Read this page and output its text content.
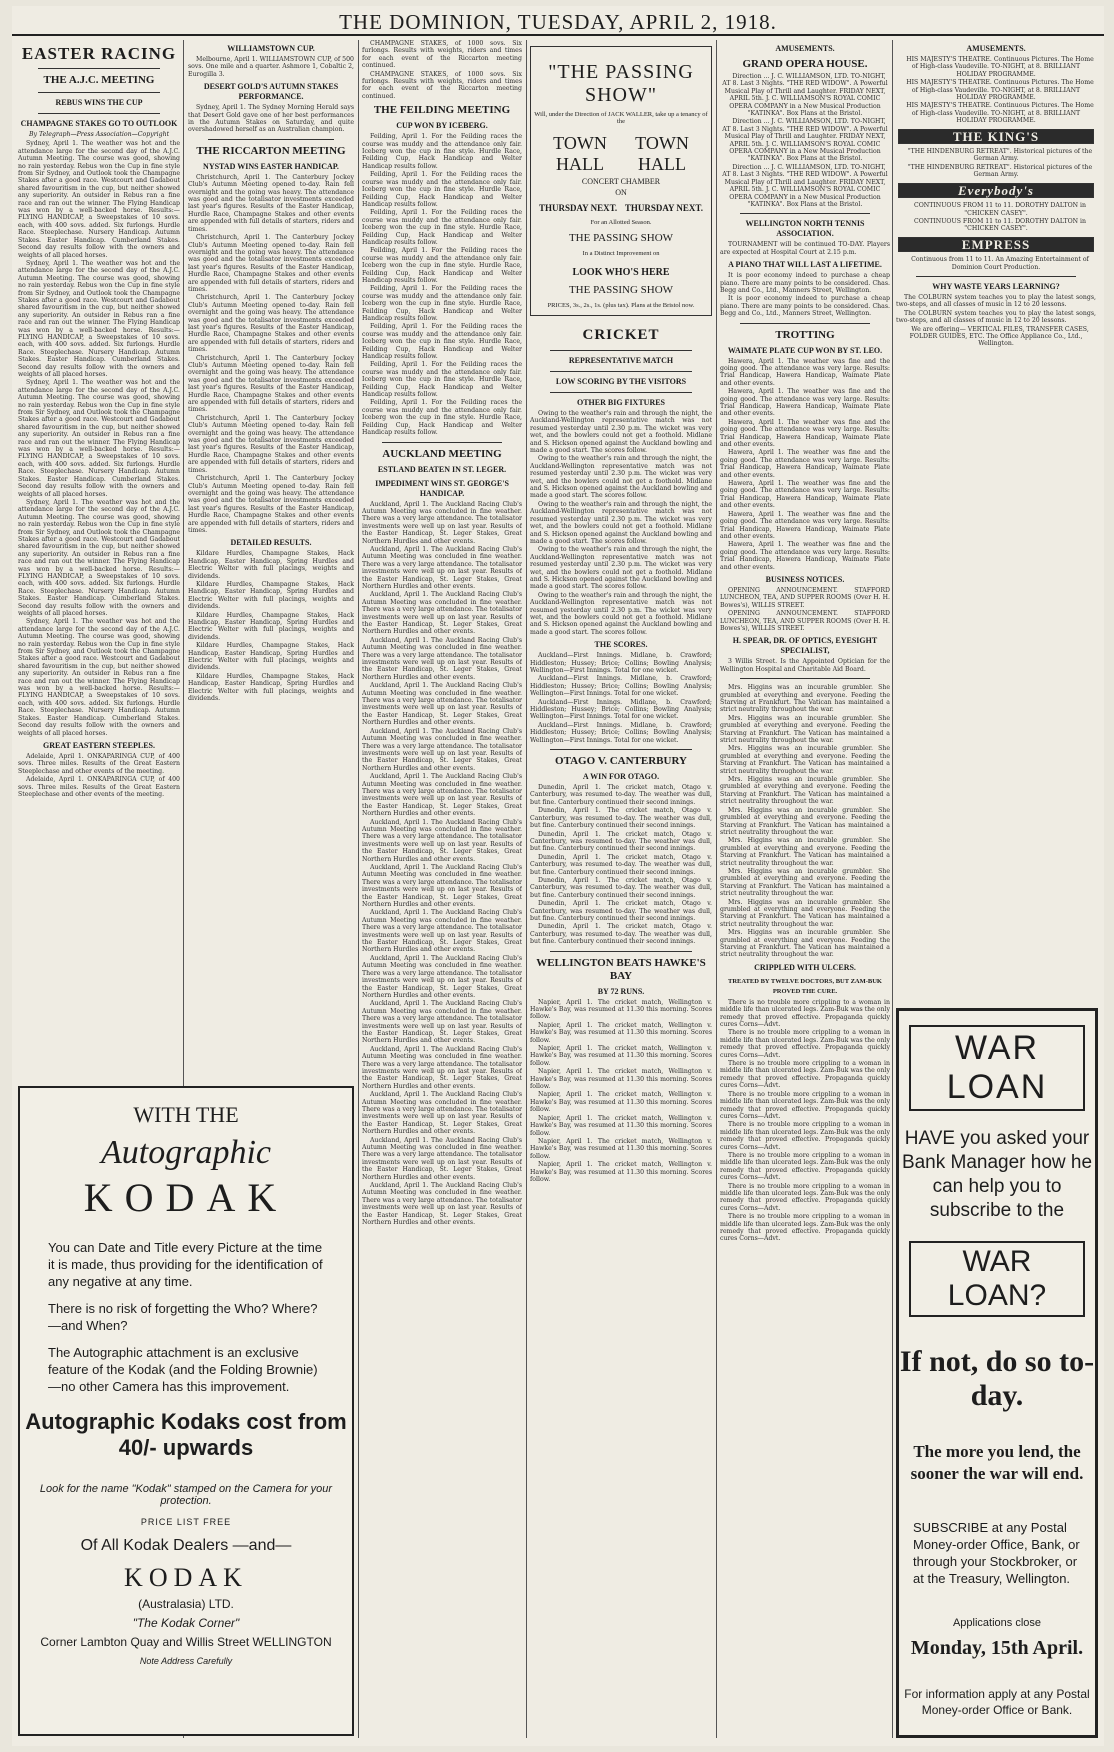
THE DOMINION, TUESDAY, APRIL 2, 1918.
EASTER RACING
THE A.J.C. MEETING
REBUS WINS THE CUP
CHAMPAGNE STAKES GO TO OUTLOOK
By Telegraph—Press Association—Copyright

Sydney, April 1. The weather was hot and the attendance large for the second day of the A.J.C. Autumn Meeting. The course was good, showing no rain yesterday. Rebus won the Cup in fine style from Sir Sydney, and Outlook took the Champagne Stakes after a good race. Westcourt and Gadabout shared favouritism in the cup, but neither showed any superiority. An outsider in Rebus ran a fine race and ran out the winner. The Flying Handicap was won by a well-backed horse. Results:— FLYING HANDICAP, a Sweepstakes of 10 sovs. each, with 400 sovs. added. Six furlongs. Hurdle Race. Steeplechase. Nursery Handicap. Autumn Stakes. Easter Handicap. Cumberland Stakes. Second day results follow with the owners and weights of all placed horses.

Sydney, April 1. The weather was hot and the attendance large for the second day of the A.J.C. Autumn Meeting. The course was good, showing no rain yesterday. Rebus won the Cup in fine style from Sir Sydney, and Outlook took the Champagne Stakes after a good race. Westcourt and Gadabout shared favouritism in the cup, but neither showed any superiority. An outsider in Rebus ran a fine race and ran out the winner. The Flying Handicap was won by a well-backed horse. Results:— FLYING HANDICAP, a Sweepstakes of 10 sovs. each, with 400 sovs. added. Six furlongs. Hurdle Race. Steeplechase. Nursery Handicap. Autumn Stakes. Easter Handicap. Cumberland Stakes. Second day results follow with the owners and weights of all placed horses.

Sydney, April 1. The weather was hot and the attendance large for the second day of the A.J.C. Autumn Meeting. The course was good, showing no rain yesterday. Rebus won the Cup in fine style from Sir Sydney, and Outlook took the Champagne Stakes after a good race. Westcourt and Gadabout shared favouritism in the cup, but neither showed any superiority. An outsider in Rebus ran a fine race and ran out the winner. The Flying Handicap was won by a well-backed horse. Results:— FLYING HANDICAP, a Sweepstakes of 10 sovs. each, with 400 sovs. added. Six furlongs. Hurdle Race. Steeplechase. Nursery Handicap. Autumn Stakes. Easter Handicap. Cumberland Stakes. Second day results follow with the owners and weights of all placed horses.

Sydney, April 1. The weather was hot and the attendance large for the second day of the A.J.C. Autumn Meeting. The course was good, showing no rain yesterday. Rebus won the Cup in fine style from Sir Sydney, and Outlook took the Champagne Stakes after a good race. Westcourt and Gadabout shared favouritism in the cup, but neither showed any superiority. An outsider in Rebus ran a fine race and ran out the winner. The Flying Handicap was won by a well-backed horse. Results:— FLYING HANDICAP, a Sweepstakes of 10 sovs. each, with 400 sovs. added. Six furlongs. Hurdle Race. Steeplechase. Nursery Handicap. Autumn Stakes. Easter Handicap. Cumberland Stakes. Second day results follow with the owners and weights of all placed horses.

Sydney, April 1. The weather was hot and the attendance large for the second day of the A.J.C. Autumn Meeting. The course was good, showing no rain yesterday. Rebus won the Cup in fine style from Sir Sydney, and Outlook took the Champagne Stakes after a good race. Westcourt and Gadabout shared favouritism in the cup, but neither showed any superiority. An outsider in Rebus ran a fine race and ran out the winner. The Flying Handicap was won by a well-backed horse. Results:— FLYING HANDICAP, a Sweepstakes of 10 sovs. each, with 400 sovs. added. Six furlongs. Hurdle Race. Steeplechase. Nursery Handicap. Autumn Stakes. Easter Handicap. Cumberland Stakes. Second day results follow with the owners and weights of all placed horses.

GREAT EASTERN STEEPLES.

Adelaide, April 1. ONKAPARINGA CUP, of 400 sovs. Three miles. Results of the Great Eastern Steeplechase and other events of the meeting.

Adelaide, April 1. ONKAPARINGA CUP, of 400 sovs. Three miles. Results of the Great Eastern Steeplechase and other events of the meeting.

WILLIAMSTOWN CUP.

Melbourne, April 1. WILLIAMSTOWN CUP, of 500 sovs. One mile and a quarter. Ashmore 1, Cobaltic 2, Eurogilla 3.

DESERT GOLD'S AUTUMN STAKES PERFORMANCE.

Sydney, April 1. The Sydney Morning Herald says that Desert Gold gave one of her best performances in the Autumn Stakes on Saturday, and quite overshadowed herself as an Australian champion.

THE RICCARTON MEETING
NYSTAD WINS EASTER HANDICAP.

Christchurch, April 1. The Canterbury Jockey Club's Autumn Meeting opened to-day. Rain fell overnight and the going was heavy. The attendance was good and the totalisator investments exceeded last year's figures. Results of the Easter Handicap, Hurdle Race, Champagne Stakes and other events are appended with full details of starters, riders and times.

Christchurch, April 1. The Canterbury Jockey Club's Autumn Meeting opened to-day. Rain fell overnight and the going was heavy. The attendance was good and the totalisator investments exceeded last year's figures. Results of the Easter Handicap, Hurdle Race, Champagne Stakes and other events are appended with full details of starters, riders and times.

Christchurch, April 1. The Canterbury Jockey Club's Autumn Meeting opened to-day. Rain fell overnight and the going was heavy. The attendance was good and the totalisator investments exceeded last year's figures. Results of the Easter Handicap, Hurdle Race, Champagne Stakes and other events are appended with full details of starters, riders and times.

Christchurch, April 1. The Canterbury Jockey Club's Autumn Meeting opened to-day. Rain fell overnight and the going was heavy. The attendance was good and the totalisator investments exceeded last year's figures. Results of the Easter Handicap, Hurdle Race, Champagne Stakes and other events are appended with full details of starters, riders and times.

Christchurch, April 1. The Canterbury Jockey Club's Autumn Meeting opened to-day. Rain fell overnight and the going was heavy. The attendance was good and the totalisator investments exceeded last year's figures. Results of the Easter Handicap, Hurdle Race, Champagne Stakes and other events are appended with full details of starters, riders and times.

Christchurch, April 1. The Canterbury Jockey Club's Autumn Meeting opened to-day. Rain fell overnight and the going was heavy. The attendance was good and the totalisator investments exceeded last year's figures. Results of the Easter Handicap, Hurdle Race, Champagne Stakes and other events are appended with full details of starters, riders and times.

DETAILED RESULTS.

Kildare Hurdles, Champagne Stakes, Hack Handicap, Easter Handicap, Spring Hurdles and Electric Welter with full placings, weights and dividends.

Kildare Hurdles, Champagne Stakes, Hack Handicap, Easter Handicap, Spring Hurdles and Electric Welter with full placings, weights and dividends.

Kildare Hurdles, Champagne Stakes, Hack Handicap, Easter Handicap, Spring Hurdles and Electric Welter with full placings, weights and dividends.

Kildare Hurdles, Champagne Stakes, Hack Handicap, Easter Handicap, Spring Hurdles and Electric Welter with full placings, weights and dividends.

Kildare Hurdles, Champagne Stakes, Hack Handicap, Easter Handicap, Spring Hurdles and Electric Welter with full placings, weights and dividends.

WITH THE
Autographic
KODAK
You can Date and Title every Picture at the time it is made, thus providing for the identification of any negative at any time.
There is no risk of forgetting the Who? Where?—and When?
The Autographic attachment is an exclusive feature of the Kodak (and the Folding Brownie)—no other Camera has this improvement.
Autographic Kodaks cost from 40/- upwards
Look for the name "Kodak" stamped on the Camera for your protection.
PRICE LIST FREE
Of All Kodak Dealers —and—
KODAK
(Australasia) LTD.
"The Kodak Corner"
Corner Lambton Quay and Willis Street WELLINGTON
Note Address Carefully

CHAMPAGNE STAKES, of 1000 sovs. Six furlongs. Results with weights, riders and times for each event of the Riccarton meeting continued.

CHAMPAGNE STAKES, of 1000 sovs. Six furlongs. Results with weights, riders and times for each event of the Riccarton meeting continued.

THE FEILDING MEETING
CUP WON BY ICEBERG.

Feilding, April 1. For the Feilding races the course was muddy and the attendance only fair. Iceberg won the cup in fine style. Hurdle Race, Feilding Cup, Hack Handicap and Welter Handicap results follow.

Feilding, April 1. For the Feilding races the course was muddy and the attendance only fair. Iceberg won the cup in fine style. Hurdle Race, Feilding Cup, Hack Handicap and Welter Handicap results follow.

Feilding, April 1. For the Feilding races the course was muddy and the attendance only fair. Iceberg won the cup in fine style. Hurdle Race, Feilding Cup, Hack Handicap and Welter Handicap results follow.

Feilding, April 1. For the Feilding races the course was muddy and the attendance only fair. Iceberg won the cup in fine style. Hurdle Race, Feilding Cup, Hack Handicap and Welter Handicap results follow.

Feilding, April 1. For the Feilding races the course was muddy and the attendance only fair. Iceberg won the cup in fine style. Hurdle Race, Feilding Cup, Hack Handicap and Welter Handicap results follow.

Feilding, April 1. For the Feilding races the course was muddy and the attendance only fair. Iceberg won the cup in fine style. Hurdle Race, Feilding Cup, Hack Handicap and Welter Handicap results follow.

Feilding, April 1. For the Feilding races the course was muddy and the attendance only fair. Iceberg won the cup in fine style. Hurdle Race, Feilding Cup, Hack Handicap and Welter Handicap results follow.

Feilding, April 1. For the Feilding races the course was muddy and the attendance only fair. Iceberg won the cup in fine style. Hurdle Race, Feilding Cup, Hack Handicap and Welter Handicap results follow.

AUCKLAND MEETING
ESTLAND BEATEN IN ST. LEGER.
IMPEDIMENT WINS ST. GEORGE'S HANDICAP.

Auckland, April 1. The Auckland Racing Club's Autumn Meeting was concluded in fine weather. There was a very large attendance. The totalisator investments were well up on last year. Results of the Easter Handicap, St. Leger Stakes, Great Northern Hurdles and other events.

Auckland, April 1. The Auckland Racing Club's Autumn Meeting was concluded in fine weather. There was a very large attendance. The totalisator investments were well up on last year. Results of the Easter Handicap, St. Leger Stakes, Great Northern Hurdles and other events.

Auckland, April 1. The Auckland Racing Club's Autumn Meeting was concluded in fine weather. There was a very large attendance. The totalisator investments were well up on last year. Results of the Easter Handicap, St. Leger Stakes, Great Northern Hurdles and other events.

Auckland, April 1. The Auckland Racing Club's Autumn Meeting was concluded in fine weather. There was a very large attendance. The totalisator investments were well up on last year. Results of the Easter Handicap, St. Leger Stakes, Great Northern Hurdles and other events.

Auckland, April 1. The Auckland Racing Club's Autumn Meeting was concluded in fine weather. There was a very large attendance. The totalisator investments were well up on last year. Results of the Easter Handicap, St. Leger Stakes, Great Northern Hurdles and other events.

Auckland, April 1. The Auckland Racing Club's Autumn Meeting was concluded in fine weather. There was a very large attendance. The totalisator investments were well up on last year. Results of the Easter Handicap, St. Leger Stakes, Great Northern Hurdles and other events.

Auckland, April 1. The Auckland Racing Club's Autumn Meeting was concluded in fine weather. There was a very large attendance. The totalisator investments were well up on last year. Results of the Easter Handicap, St. Leger Stakes, Great Northern Hurdles and other events.

Auckland, April 1. The Auckland Racing Club's Autumn Meeting was concluded in fine weather. There was a very large attendance. The totalisator investments were well up on last year. Results of the Easter Handicap, St. Leger Stakes, Great Northern Hurdles and other events.

Auckland, April 1. The Auckland Racing Club's Autumn Meeting was concluded in fine weather. There was a very large attendance. The totalisator investments were well up on last year. Results of the Easter Handicap, St. Leger Stakes, Great Northern Hurdles and other events.

Auckland, April 1. The Auckland Racing Club's Autumn Meeting was concluded in fine weather. There was a very large attendance. The totalisator investments were well up on last year. Results of the Easter Handicap, St. Leger Stakes, Great Northern Hurdles and other events.

Auckland, April 1. The Auckland Racing Club's Autumn Meeting was concluded in fine weather. There was a very large attendance. The totalisator investments were well up on last year. Results of the Easter Handicap, St. Leger Stakes, Great Northern Hurdles and other events.

Auckland, April 1. The Auckland Racing Club's Autumn Meeting was concluded in fine weather. There was a very large attendance. The totalisator investments were well up on last year. Results of the Easter Handicap, St. Leger Stakes, Great Northern Hurdles and other events.

Auckland, April 1. The Auckland Racing Club's Autumn Meeting was concluded in fine weather. There was a very large attendance. The totalisator investments were well up on last year. Results of the Easter Handicap, St. Leger Stakes, Great Northern Hurdles and other events.

Auckland, April 1. The Auckland Racing Club's Autumn Meeting was concluded in fine weather. There was a very large attendance. The totalisator investments were well up on last year. Results of the Easter Handicap, St. Leger Stakes, Great Northern Hurdles and other events.

Auckland, April 1. The Auckland Racing Club's Autumn Meeting was concluded in fine weather. There was a very large attendance. The totalisator investments were well up on last year. Results of the Easter Handicap, St. Leger Stakes, Great Northern Hurdles and other events.

Auckland, April 1. The Auckland Racing Club's Autumn Meeting was concluded in fine weather. There was a very large attendance. The totalisator investments were well up on last year. Results of the Easter Handicap, St. Leger Stakes, Great Northern Hurdles and other events.

"THE PASSING SHOW"
Will, under the Direction of JACK WALLER, take up a tenancy of the
TOWN HALL
TOWN HALL
CONCERT CHAMBER
ON
THURSDAY NEXT. THURSDAY NEXT.
For an Allotted Season.
THE PASSING SHOW
In a Distinct Improvement on
LOOK WHO'S HERE
THE PASSING SHOW
PRICES, 3s., 2s., 1s. (plus tax). Plans at the Bristol now.
CRICKET
REPRESENTATIVE MATCH
LOW SCORING BY THE VISITORS
OTHER BIG FIXTURES

Owing to the weather's rain and through the night, the Auckland-Wellington representative match was not resumed yesterday until 2.30 p.m. The wicket was very wet, and the bowlers could not get a foothold. Midlane and S. Hickson opened against the Auckland bowling and made a good start. The scores follow.

Owing to the weather's rain and through the night, the Auckland-Wellington representative match was not resumed yesterday until 2.30 p.m. The wicket was very wet, and the bowlers could not get a foothold. Midlane and S. Hickson opened against the Auckland bowling and made a good start. The scores follow.

Owing to the weather's rain and through the night, the Auckland-Wellington representative match was not resumed yesterday until 2.30 p.m. The wicket was very wet, and the bowlers could not get a foothold. Midlane and S. Hickson opened against the Auckland bowling and made a good start. The scores follow.

Owing to the weather's rain and through the night, the Auckland-Wellington representative match was not resumed yesterday until 2.30 p.m. The wicket was very wet, and the bowlers could not get a foothold. Midlane and S. Hickson opened against the Auckland bowling and made a good start. The scores follow.

Owing to the weather's rain and through the night, the Auckland-Wellington representative match was not resumed yesterday until 2.30 p.m. The wicket was very wet, and the bowlers could not get a foothold. Midlane and S. Hickson opened against the Auckland bowling and made a good start. The scores follow.

THE SCORES.

Auckland—First Innings. Midlane, b. Crawford; Hiddleston; Hussey; Brice; Collins; Bowling Analysis; Wellington—First Innings. Total for one wicket.

Auckland—First Innings. Midlane, b. Crawford; Hiddleston; Hussey; Brice; Collins; Bowling Analysis; Wellington—First Innings. Total for one wicket.

Auckland—First Innings. Midlane, b. Crawford; Hiddleston; Hussey; Brice; Collins; Bowling Analysis; Wellington—First Innings. Total for one wicket.

Auckland—First Innings. Midlane, b. Crawford; Hiddleston; Hussey; Brice; Collins; Bowling Analysis; Wellington—First Innings. Total for one wicket.

OTAGO V. CANTERBURY
A WIN FOR OTAGO.

Dunedin, April 1. The cricket match, Otago v. Canterbury, was resumed to-day. The weather was dull, but fine. Canterbury continued their second innings.

Dunedin, April 1. The cricket match, Otago v. Canterbury, was resumed to-day. The weather was dull, but fine. Canterbury continued their second innings.

Dunedin, April 1. The cricket match, Otago v. Canterbury, was resumed to-day. The weather was dull, but fine. Canterbury continued their second innings.

Dunedin, April 1. The cricket match, Otago v. Canterbury, was resumed to-day. The weather was dull, but fine. Canterbury continued their second innings.

Dunedin, April 1. The cricket match, Otago v. Canterbury, was resumed to-day. The weather was dull, but fine. Canterbury continued their second innings.

Dunedin, April 1. The cricket match, Otago v. Canterbury, was resumed to-day. The weather was dull, but fine. Canterbury continued their second innings.

Dunedin, April 1. The cricket match, Otago v. Canterbury, was resumed to-day. The weather was dull, but fine. Canterbury continued their second innings.

WELLINGTON BEATS HAWKE'S BAY
BY 72 RUNS.

Napier, April 1. The cricket match, Wellington v. Hawke's Bay, was resumed at 11.30 this morning. Scores follow.

Napier, April 1. The cricket match, Wellington v. Hawke's Bay, was resumed at 11.30 this morning. Scores follow.

Napier, April 1. The cricket match, Wellington v. Hawke's Bay, was resumed at 11.30 this morning. Scores follow.

Napier, April 1. The cricket match, Wellington v. Hawke's Bay, was resumed at 11.30 this morning. Scores follow.

Napier, April 1. The cricket match, Wellington v. Hawke's Bay, was resumed at 11.30 this morning. Scores follow.

Napier, April 1. The cricket match, Wellington v. Hawke's Bay, was resumed at 11.30 this morning. Scores follow.

Napier, April 1. The cricket match, Wellington v. Hawke's Bay, was resumed at 11.30 this morning. Scores follow.

Napier, April 1. The cricket match, Wellington v. Hawke's Bay, was resumed at 11.30 this morning. Scores follow.

AMUSEMENTS.
GRAND OPERA HOUSE.

Direction ... J. C. WILLIAMSON, LTD. TO-NIGHT, AT 8. Last 3 Nights. "THE RED WIDOW". A Powerful Musical Play of Thrill and Laughter. FRIDAY NEXT, APRIL 5th. J. C. WILLIAMSON'S ROYAL COMIC OPERA COMPANY in a New Musical Production "KATINKA". Box Plans at the Bristol.

Direction ... J. C. WILLIAMSON, LTD. TO-NIGHT, AT 8. Last 3 Nights. "THE RED WIDOW". A Powerful Musical Play of Thrill and Laughter. FRIDAY NEXT, APRIL 5th. J. C. WILLIAMSON'S ROYAL COMIC OPERA COMPANY in a New Musical Production "KATINKA". Box Plans at the Bristol.

Direction ... J. C. WILLIAMSON, LTD. TO-NIGHT, AT 8. Last 3 Nights. "THE RED WIDOW". A Powerful Musical Play of Thrill and Laughter. FRIDAY NEXT, APRIL 5th. J. C. WILLIAMSON'S ROYAL COMIC OPERA COMPANY in a New Musical Production "KATINKA". Box Plans at the Bristol.

WELLINGTON NORTH TENNIS ASSOCIATION.

TOURNAMENT will be continued TO-DAY. Players are expected at Hospital Court at 2.15 p.m.

A PIANO THAT WILL LAST A LIFETIME.

It is poor economy indeed to purchase a cheap piano. There are many points to be considered. Chas. Begg and Co., Ltd., Manners Street, Wellington.

It is poor economy indeed to purchase a cheap piano. There are many points to be considered. Chas. Begg and Co., Ltd., Manners Street, Wellington.

TROTTING
WAIMATE PLATE CUP WON BY ST. LEO.

Hawera, April 1. The weather was fine and the going good. The attendance was very large. Results: Trial Handicap, Hawera Handicap, Waimate Plate and other events.

Hawera, April 1. The weather was fine and the going good. The attendance was very large. Results: Trial Handicap, Hawera Handicap, Waimate Plate and other events.

Hawera, April 1. The weather was fine and the going good. The attendance was very large. Results: Trial Handicap, Hawera Handicap, Waimate Plate and other events.

Hawera, April 1. The weather was fine and the going good. The attendance was very large. Results: Trial Handicap, Hawera Handicap, Waimate Plate and other events.

Hawera, April 1. The weather was fine and the going good. The attendance was very large. Results: Trial Handicap, Hawera Handicap, Waimate Plate and other events.

Hawera, April 1. The weather was fine and the going good. The attendance was very large. Results: Trial Handicap, Hawera Handicap, Waimate Plate and other events.

Hawera, April 1. The weather was fine and the going good. The attendance was very large. Results: Trial Handicap, Hawera Handicap, Waimate Plate and other events.

BUSINESS NOTICES.

OPENING ANNOUNCEMENT. STAFFORD LUNCHEON, TEA, AND SUPPER ROOMS (Over H. H. Bowes's), WILLIS STREET.

OPENING ANNOUNCEMENT. STAFFORD LUNCHEON, TEA, AND SUPPER ROOMS (Over H. H. Bowes's), WILLIS STREET.

H. SPEAR, DR. OF OPTICS, EYESIGHT SPECIALIST,

3 Willis Street. Is the Appointed Optician for the Wellington Hospital and Charitable Aid Board.

Mrs. Higgins was an incurable grumbler. She grumbled at everything and everyone. Feeding the Starving at Frankfurt. The Vatican has maintained a strict neutrality throughout the war.

Mrs. Higgins was an incurable grumbler. She grumbled at everything and everyone. Feeding the Starving at Frankfurt. The Vatican has maintained a strict neutrality throughout the war.

Mrs. Higgins was an incurable grumbler. She grumbled at everything and everyone. Feeding the Starving at Frankfurt. The Vatican has maintained a strict neutrality throughout the war.

Mrs. Higgins was an incurable grumbler. She grumbled at everything and everyone. Feeding the Starving at Frankfurt. The Vatican has maintained a strict neutrality throughout the war.

Mrs. Higgins was an incurable grumbler. She grumbled at everything and everyone. Feeding the Starving at Frankfurt. The Vatican has maintained a strict neutrality throughout the war.

Mrs. Higgins was an incurable grumbler. She grumbled at everything and everyone. Feeding the Starving at Frankfurt. The Vatican has maintained a strict neutrality throughout the war.

Mrs. Higgins was an incurable grumbler. She grumbled at everything and everyone. Feeding the Starving at Frankfurt. The Vatican has maintained a strict neutrality throughout the war.

Mrs. Higgins was an incurable grumbler. She grumbled at everything and everyone. Feeding the Starving at Frankfurt. The Vatican has maintained a strict neutrality throughout the war.

Mrs. Higgins was an incurable grumbler. She grumbled at everything and everyone. Feeding the Starving at Frankfurt. The Vatican has maintained a strict neutrality throughout the war.

CRIPPLED WITH ULCERS.
TREATED BY TWELVE DOCTORS, BUT ZAM-BUK PROVED THE CURE.

There is no trouble more crippling to a woman in middle life than ulcerated legs. Zam-Buk was the only remedy that proved effective. Propaganda quickly cures Corns—Advt.

There is no trouble more crippling to a woman in middle life than ulcerated legs. Zam-Buk was the only remedy that proved effective. Propaganda quickly cures Corns—Advt.

There is no trouble more crippling to a woman in middle life than ulcerated legs. Zam-Buk was the only remedy that proved effective. Propaganda quickly cures Corns—Advt.

There is no trouble more crippling to a woman in middle life than ulcerated legs. Zam-Buk was the only remedy that proved effective. Propaganda quickly cures Corns—Advt.

There is no trouble more crippling to a woman in middle life than ulcerated legs. Zam-Buk was the only remedy that proved effective. Propaganda quickly cures Corns—Advt.

There is no trouble more crippling to a woman in middle life than ulcerated legs. Zam-Buk was the only remedy that proved effective. Propaganda quickly cures Corns—Advt.

There is no trouble more crippling to a woman in middle life than ulcerated legs. Zam-Buk was the only remedy that proved effective. Propaganda quickly cures Corns—Advt.

There is no trouble more crippling to a woman in middle life than ulcerated legs. Zam-Buk was the only remedy that proved effective. Propaganda quickly cures Corns—Advt.

AMUSEMENTS.

HIS MAJESTY'S THEATRE. Continuous Pictures. The Home of High-class Vaudeville. TO-NIGHT, at 8. BRILLIANT HOLIDAY PROGRAMME.

HIS MAJESTY'S THEATRE. Continuous Pictures. The Home of High-class Vaudeville. TO-NIGHT, at 8. BRILLIANT HOLIDAY PROGRAMME.

HIS MAJESTY'S THEATRE. Continuous Pictures. The Home of High-class Vaudeville. TO-NIGHT, at 8. BRILLIANT HOLIDAY PROGRAMME.

THE KING'S

"THE HINDENBURG RETREAT". Historical pictures of the German Army.

"THE HINDENBURG RETREAT". Historical pictures of the German Army.

Everybody's

CONTINUOUS FROM 11 to 11. DOROTHY DALTON in "CHICKEN CASEY".

CONTINUOUS FROM 11 to 11. DOROTHY DALTON in "CHICKEN CASEY".

EMPRESS

Continuous from 11 to 11. An Amazing Entertainment of Dominion Court Production.

WHY WASTE YEARS LEARNING?

The COLBURN system teaches you to play the latest songs, two-steps, and all classes of music in 12 to 20 lessons.

The COLBURN system teaches you to play the latest songs, two-steps, and all classes of music in 12 to 20 lessons.

We are offering— VERTICAL FILES, TRANSFER CASES, FOLDER GUIDES, ETC. The Office Appliance Co., Ltd., Wellington.

WAR LOAN
HAVE you asked your Bank Manager how he can help you to subscribe to the
WAR LOAN?
If not, do so to-day.
The more you lend, the sooner the war will end.
SUBSCRIBE at any Postal Money-order Office, Bank, or through your Stockbroker, or at the Treasury, Wellington.
Applications close
Monday, 15th April.
For information apply at any Postal Money-order Office or Bank.
